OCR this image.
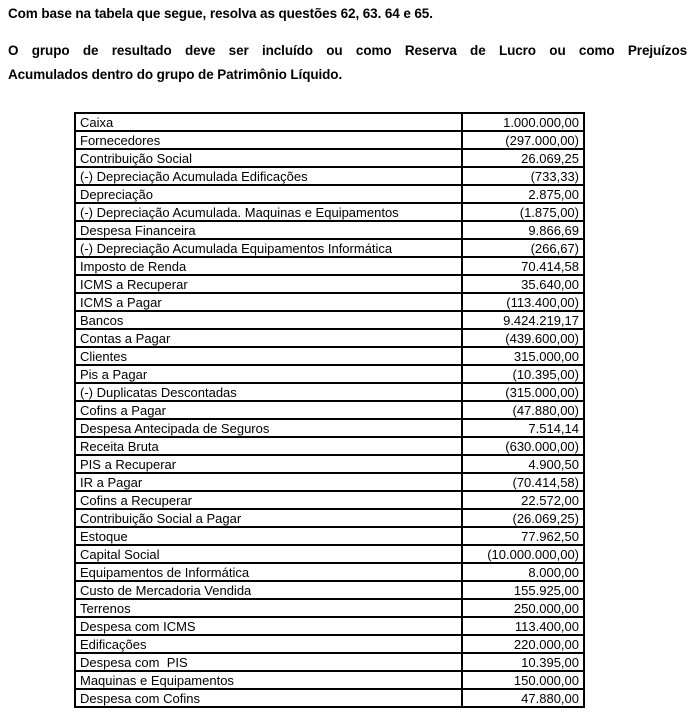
Com base na tabela que segue, resolva as questões 62, 63. 64 e 65.
O grupo de resultado deve ser incluído ou como Reserva de Lucro ou como Prejuízos
Acumulados dentro do grupo de Patrimônio Líquido.
Caixa	1.000.000,00
Fornecedores	(297.000,00)
Contribuição Social	26.069,25
(-) Depreciação Acumulada Edificações	(733,33)
Depreciação	2.875,00
(-) Depreciação Acumulada. Maquinas e Equipamentos	(1.875,00)
Despesa Financeira	9.866,69
(-) Depreciação Acumulada Equipamentos Informática	(266,67)
Imposto de Renda	70.414,58
ICMS a Recuperar	35.640,00
ICMS a Pagar	(113.400,00)
Bancos	9.424.219,17
Contas a Pagar	(439.600,00)
Clientes	315.000,00
Pis a Pagar	(10.395,00)
(-) Duplicatas Descontadas	(315.000,00)
Cofins a Pagar	(47.880,00)
Despesa Antecipada de Seguros	7.514,14
Receita Bruta	(630.000,00)
PIS a Recuperar	4.900,50
IR a Pagar	(70.414,58)
Cofins a Recuperar	22.572,00
Contribuição Social a Pagar	(26.069,25)
Estoque	77.962,50
Capital Social	(10.000.000,00)
Equipamentos de Informática	8.000,00
Custo de Mercadoria Vendida	155.925,00
Terrenos	250.000,00
Despesa com ICMS	113.400,00
Edificações	220.000,00
Despesa com  PIS	10.395,00
Maquinas e Equipamentos	150.000,00
Despesa com Cofins	47.880,00
